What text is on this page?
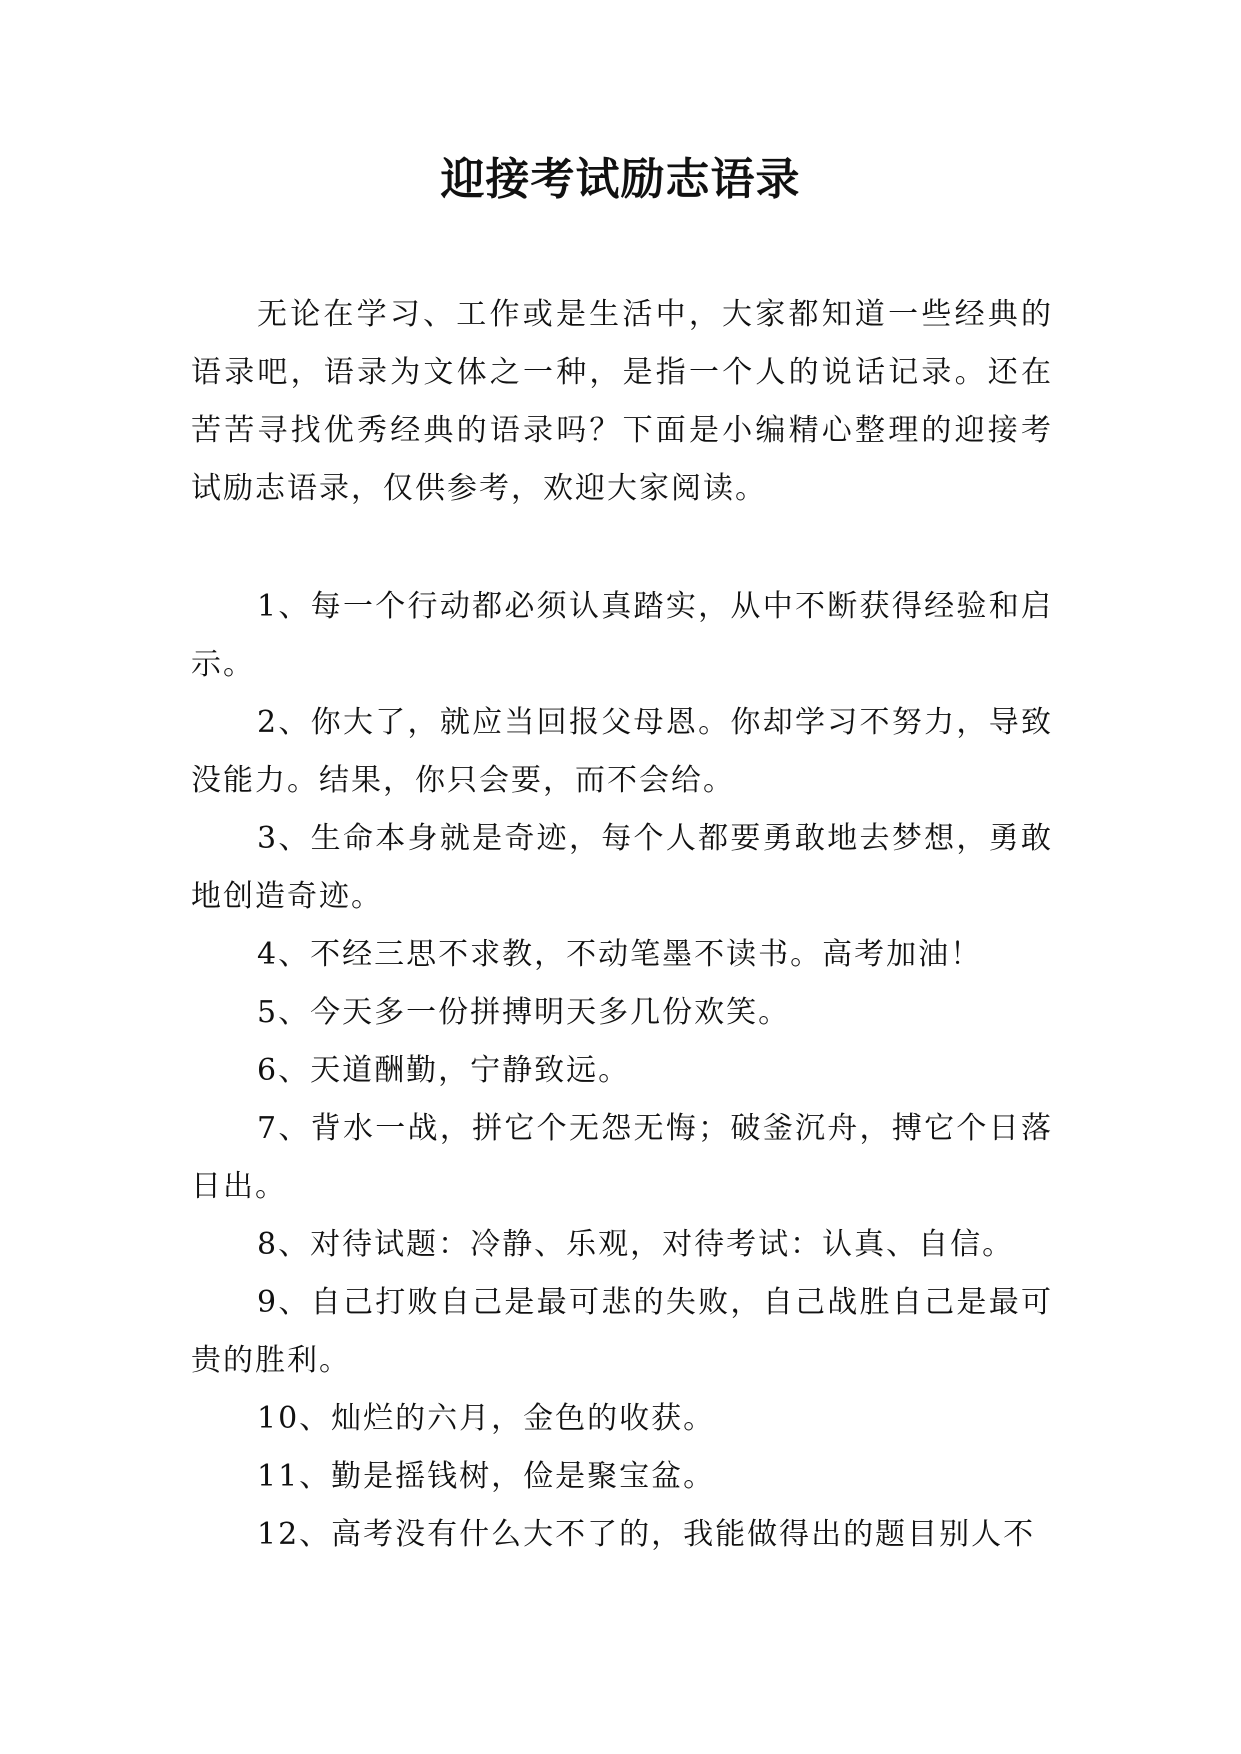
迎接考试励志语录

无论在学习、工作或是生活中，大家都知道一些经典的语录吧，语录为文体之一种，是指一个人的说话记录。还在苦苦寻找优秀经典的语录吗？下面是小编精心整理的迎接考试励志语录，仅供参考，欢迎大家阅读。

1、每一个行动都必须认真踏实，从中不断获得经验和启示。

2、你大了，就应当回报父母恩。你却学习不努力，导致没能力。结果，你只会要，而不会给。

3、生命本身就是奇迹，每个人都要勇敢地去梦想，勇敢地创造奇迹。

4、不经三思不求教，不动笔墨不读书。高考加油！

5、今天多一份拼搏明天多几份欢笑。

6、天道酬勤，宁静致远。

7、背水一战，拼它个无怨无悔；破釜沉舟，搏它个日落日出。

8、对待试题：冷静、乐观，对待考试：认真、自信。

9、自己打败自己是最可悲的失败，自己战胜自己是最可贵的胜利。

10、灿烂的六月，金色的收获。

11、勤是摇钱树，俭是聚宝盆。

12、高考没有什么大不了的，我能做得出的题目别人不
